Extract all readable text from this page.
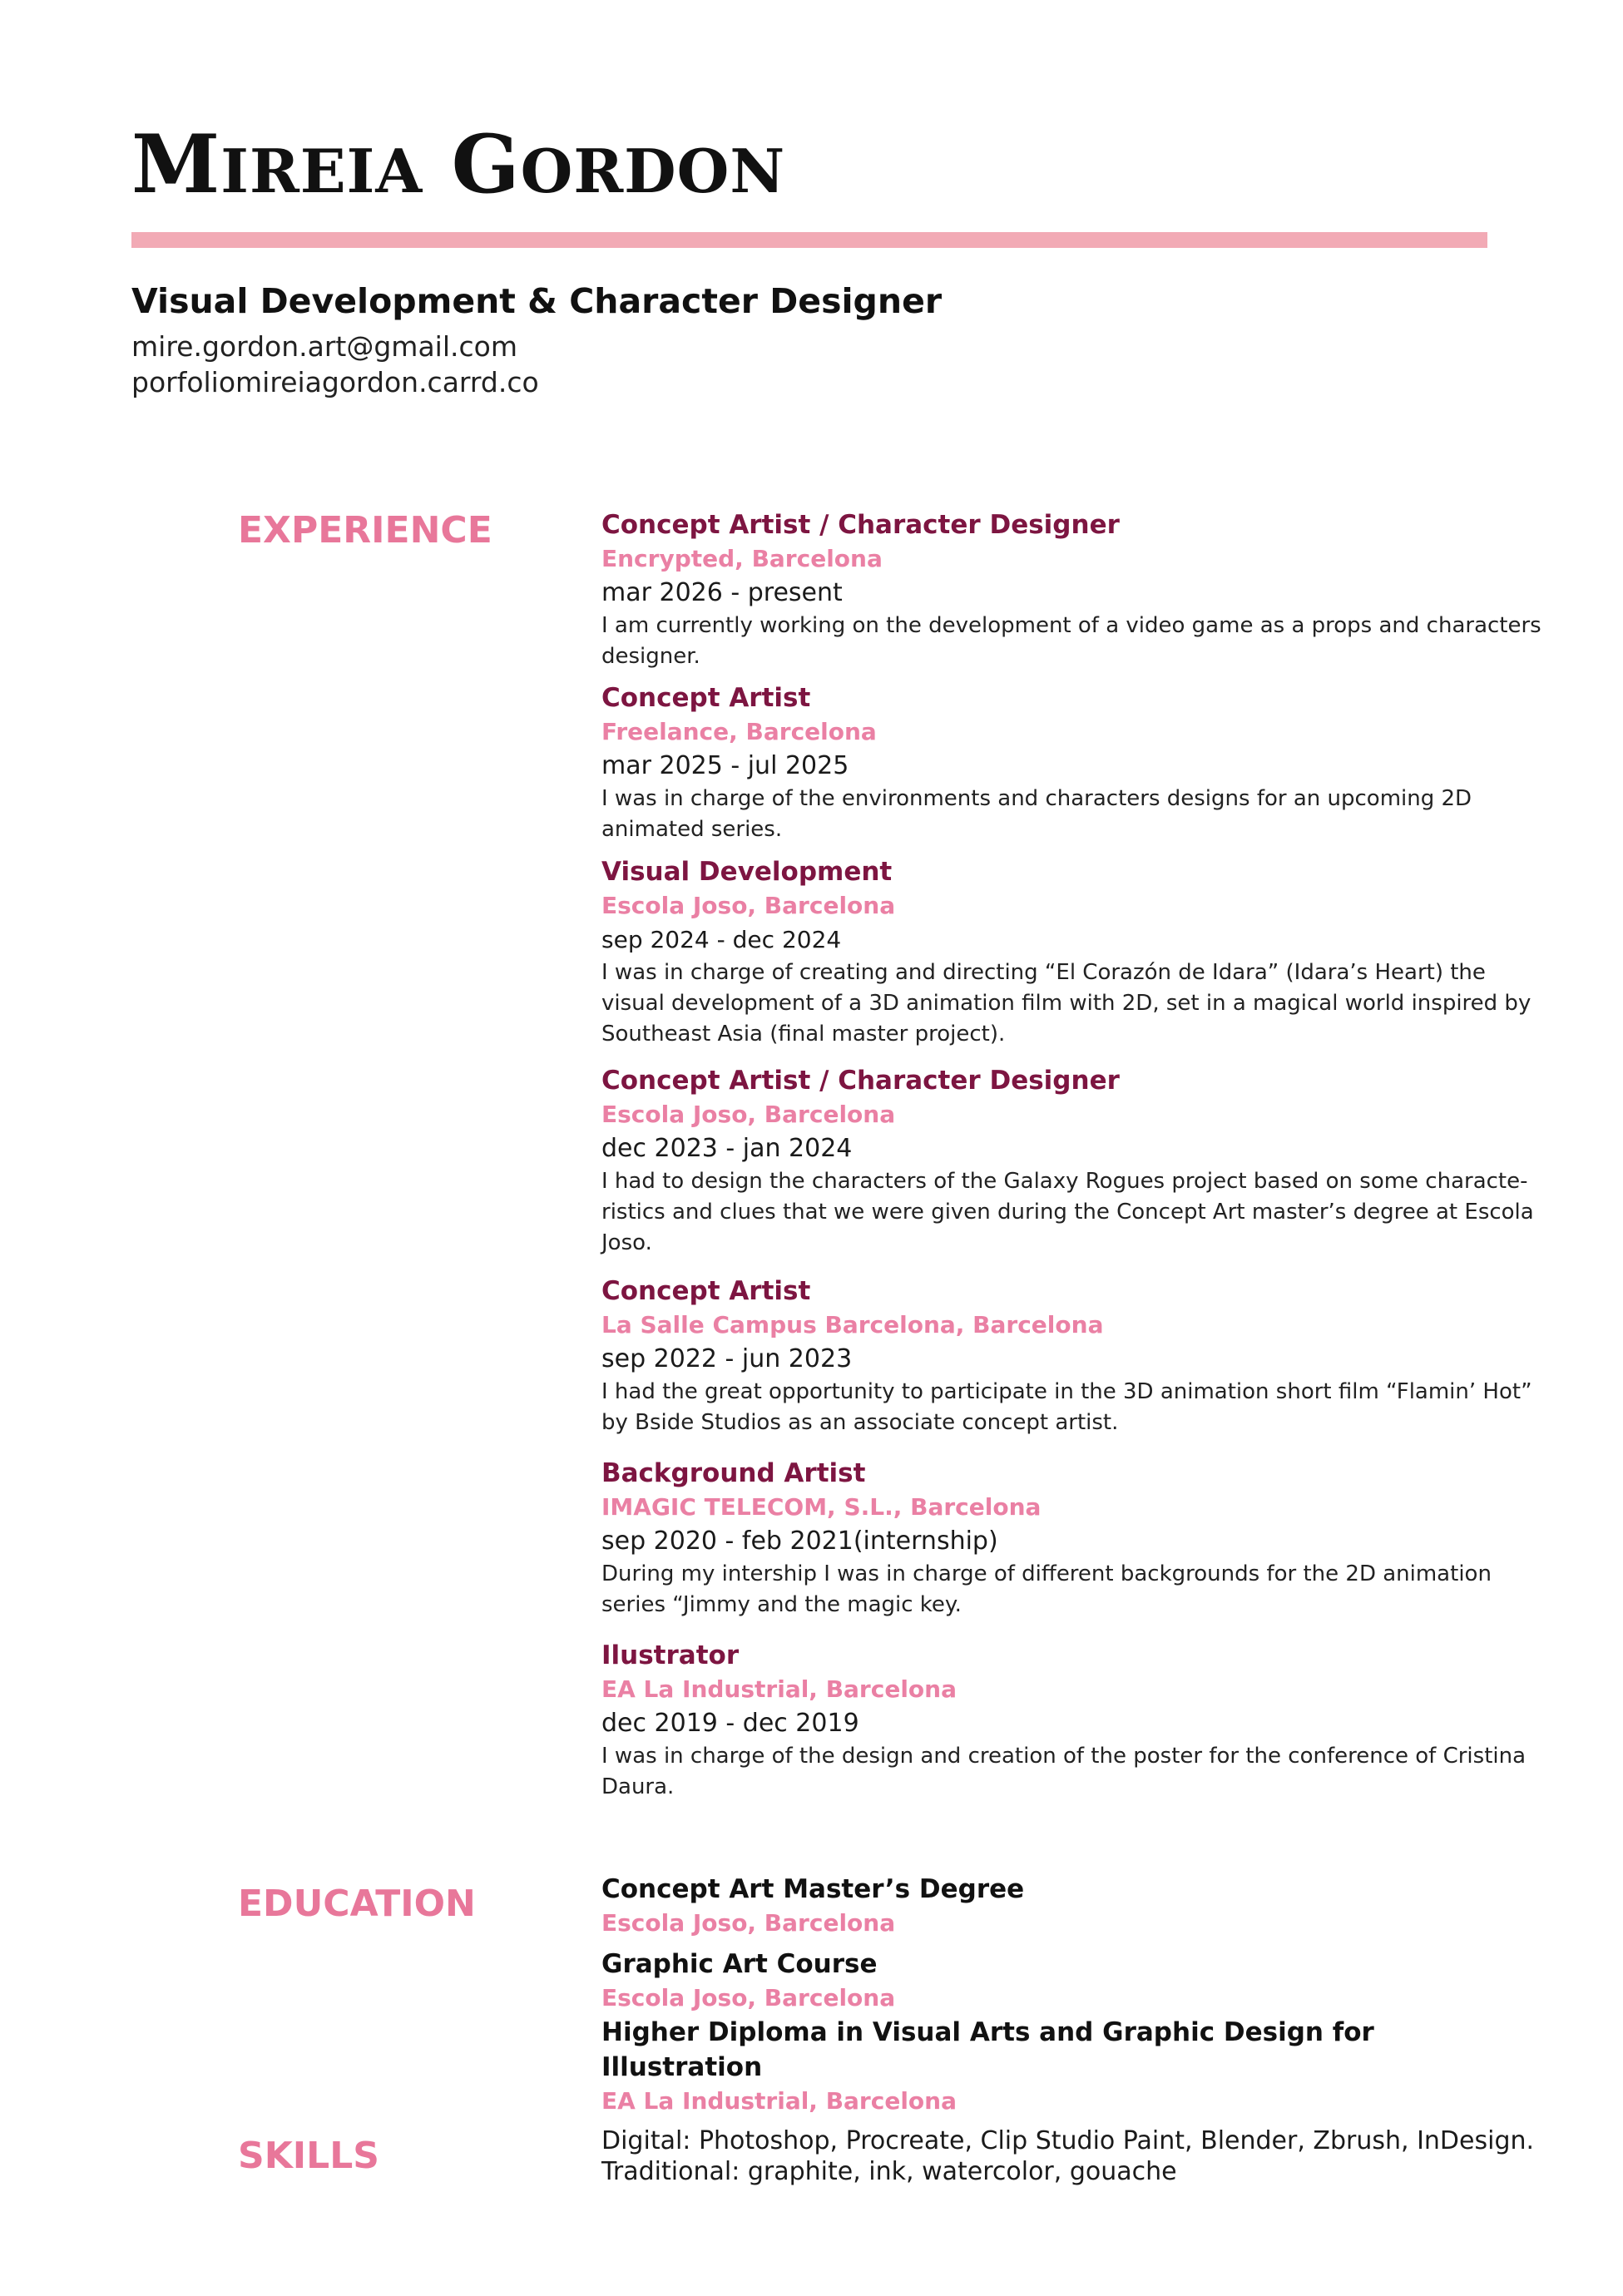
MIREIA GORDON
Visual Development & Character Designer
mire.gordon.art@gmail.com
porfoliomireiagordon.carrd.co
EXPERIENCE	Concept Artist / Character Designer
Encrypted, Barcelona
mar 2026 - present
I am currently working on the development of a video game as a props and characters designer.
Concept Artist
Freelance, Barcelona
mar 2025 - jul 2025
I was in charge of the environments and characters designs for an upcoming 2D animated series.
Visual Development
Escola Joso, Barcelona
sep 2024 - dec 2024
I was in charge of creating and directing “El Corazón de Idara” (Idara’s Heart) the visual development of a 3D animation film with 2D, set in a magical world inspired by Southeast Asia (final master project).
Concept Artist / Character Designer
Escola Joso, Barcelona
dec 2023 - jan 2024
I had to design the characters of the Galaxy Rogues project based on some characte-ristics and clues that we were given during the Concept Art master’s degree at Escola Joso.
Concept Artist
La Salle Campus Barcelona, Barcelona
sep 2022 - jun 2023
I had the great opportunity to participate in the 3D animation short film “Flamin’ Hot” by Bside Studios as an associate concept artist.
Background Artist
IMAGIC TELECOM, S.L., Barcelona
sep 2020 - feb 2021(internship)
During my intership I was in charge of different backgrounds for the 2D animation series “Jimmy and the magic key.
Ilustrator
EA La Industrial, Barcelona
dec 2019 - dec 2019
I was in charge of the design and creation of the poster for the conference of Cristina Daura.
EDUCATION	Concept Art Master’s Degree
Escola Joso, Barcelona
Graphic Art Course
Escola Joso, Barcelona
Higher Diploma in Visual Arts and Graphic Design for Illustration
EA La Industrial, Barcelona
SKILLS	Digital: Photoshop, Procreate, Clip Studio Paint, Blender, Zbrush, InDesign.
Traditional: graphite, ink, watercolor, gouache
